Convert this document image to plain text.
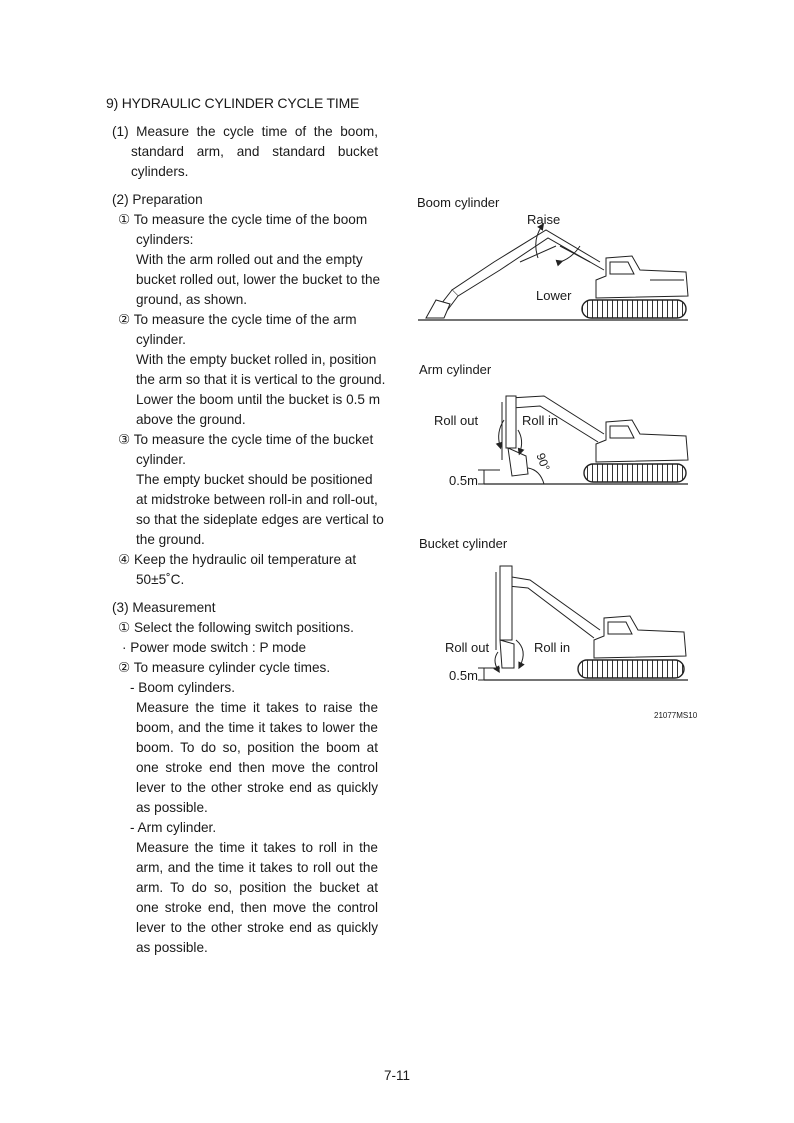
9) HYDRAULIC CYLINDER CYCLE TIME
(1) Measure the cycle time of the boom,
standard arm, and standard bucket
cylinders.
(2) Preparation
① To measure the cycle time of the boom
cylinders:
With the arm rolled out and the empty
bucket rolled out, lower the bucket to the
ground, as shown.
② To measure the cycle time of the arm
cylinder.
With the empty bucket rolled in, position
the arm so that it is vertical to the ground.
Lower the boom until the bucket is 0.5 m
above the ground.
③ To measure the cycle time of the bucket
cylinder.
The empty bucket should be positioned
at midstroke between roll-in and roll-out,
so that the sideplate edges are vertical to
the ground.
④ Keep the hydraulic oil temperature at
50±5˚C.
(3) Measurement
① Select the following switch positions.
· Power mode switch : P mode
② To measure cylinder cycle times.
- Boom cylinders.
Measure the time it takes to raise the
boom, and the time it takes to lower the
boom. To do so, position the boom at
one stroke end then move the control
lever to the other stroke end as quickly
as possible.
- Arm cylinder.
Measure the time it takes to roll in the
arm, and the time it takes to roll out the
arm. To do so, position the bucket at
one stroke end, then move the control
lever to the other stroke end as quickly
as possible.
Boom cylinder
Raise
Lower
Arm cylinder
Roll out	Roll in
90°
0.5m
Bucket cylinder
Roll out	Roll in
0.5m
21077MS10
7-11
